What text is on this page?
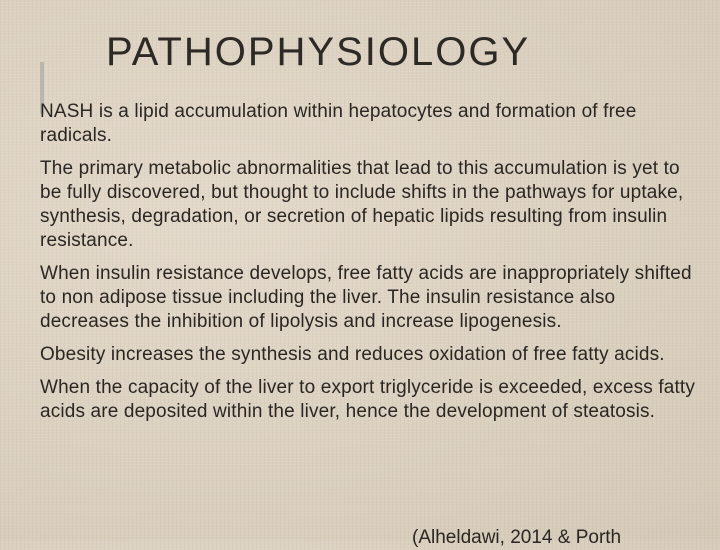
PATHOPHYSIOLOGY

NASH is a lipid accumulation within hepatocytes and formation of free radicals.

The primary metabolic abnormalities that lead to this accumulation is yet to be fully discovered, but thought to include shifts in the pathways for uptake, synthesis, degradation, or secretion of hepatic lipids resulting from insulin resistance.

When insulin resistance develops, free fatty acids are inappropriately shifted to non adipose tissue including the liver. The insulin resistance also decreases the inhibition of lipolysis and increase lipogenesis.

Obesity increases the synthesis and reduces oxidation of free fatty acids.

When the capacity of the liver to export triglyceride is exceeded, excess fatty acids are deposited within the liver, hence the development of steatosis.

(Alheldawi, 2014 & Porth
